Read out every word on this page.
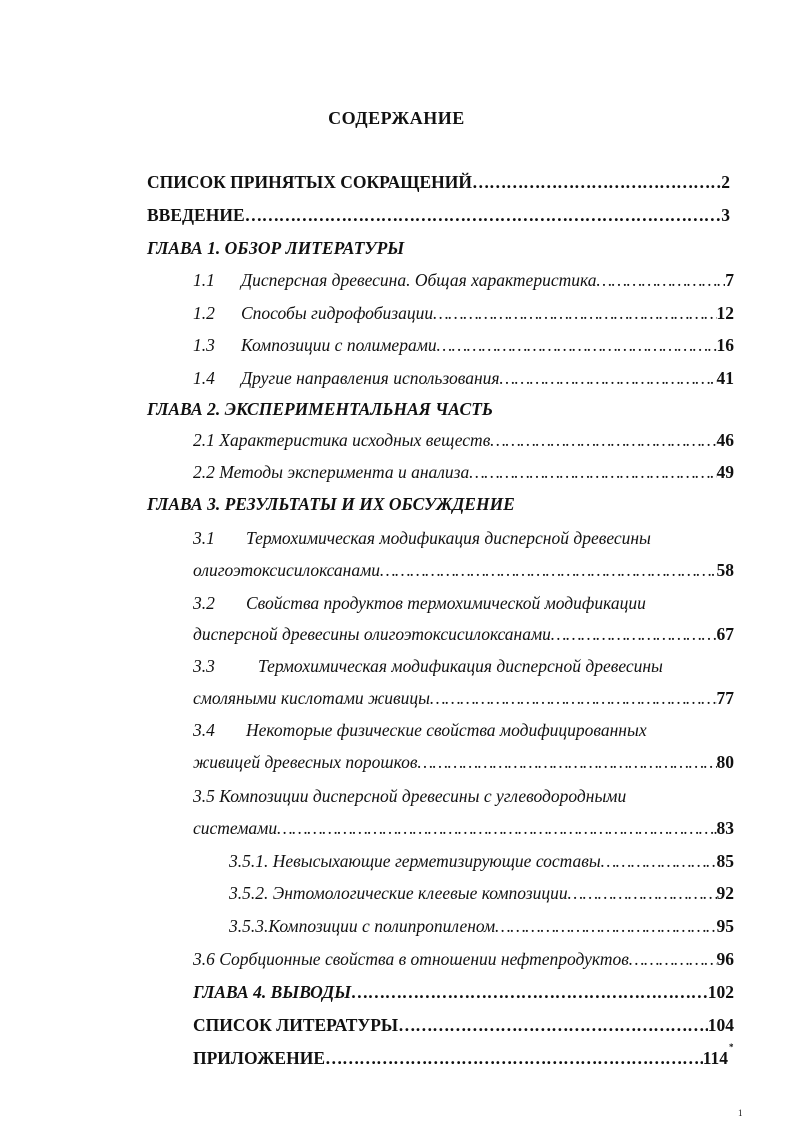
СОДЕРЖАНИЕ
СПИСОК ПРИНЯТЫХ СОКРАЩЕНИЙ ………………………………………………………………………………………………………………………………………………………………………………………	2
ВВЕДЕНИЕ ………………………………………………………………………………………………………………………………………………………………………………………	3
ГЛАВА 1. ОБЗОР ЛИТЕРАТУРЫ
1.1 Дисперсная древесина. Общая характеристика ………………………………………………………………………………………………………………………………………………………………………………………	7
1.2 Способы гидрофобизации ………………………………………………………………………………………………………………………………………………………………………………………	12
1.3 Композиции с полимерами ………………………………………………………………………………………………………………………………………………………………………………………	16
1.4 Другие направления использования ………………………………………………………………………………………………………………………………………………………………………………………	41
ГЛАВА 2. ЭКСПЕРИМЕНТАЛЬНАЯ ЧАСТЬ
2.1 Характеристика исходных веществ ………………………………………………………………………………………………………………………………………………………………………………………	46
2.2 Методы эксперимента и анализа ………………………………………………………………………………………………………………………………………………………………………………………	49
ГЛАВА 3. РЕЗУЛЬТАТЫ И ИХ ОБСУЖДЕНИЕ
3.1 Термохимическая модификация дисперсной древесины
олигоэтоксисилоксанами ………………………………………………………………………………………………………………………………………………………………………………………	58
3.2 Свойства продуктов термохимической модификации
дисперсной древесины олигоэтоксисилоксанами ………………………………………………………………………………………………………………………………………………………………………………………	67
3.3 Термохимическая модификация дисперсной древесины
смоляными кислотами живицы ………………………………………………………………………………………………………………………………………………………………………………………	77
3.4 Некоторые физические свойства модифицированных
живицей древесных порошков ………………………………………………………………………………………………………………………………………………………………………………………	80
3.5 Композиции дисперсной древесины с углеводородными
системами ………………………………………………………………………………………………………………………………………………………………………………………	83
3.5.1. Невысыхающие герметизирующие составы ………………………………………………………………………………………………………………………………………………………………………………………	85
3.5.2. Энтомологические клеевые композиции ………………………………………………………………………………………………………………………………………………………………………………………	92
3.5.3.Композиции с полипропиленом ………………………………………………………………………………………………………………………………………………………………………………………	95
3.6 Сорбционные свойства в отношении нефтепродуктов ………………………………………………………………………………………………………………………………………………………………………………………	96
ГЛАВА 4. ВЫВОДЫ ………………………………………………………………………………………………………………………………………………………………………………………	102
СПИСОК ЛИТЕРАТУРЫ ………………………………………………………………………………………………………………………………………………………………………………………	104
ПРИЛОЖЕНИЕ ………………………………………………………………………………………………………………………………………………………………………………………	114
*
1
